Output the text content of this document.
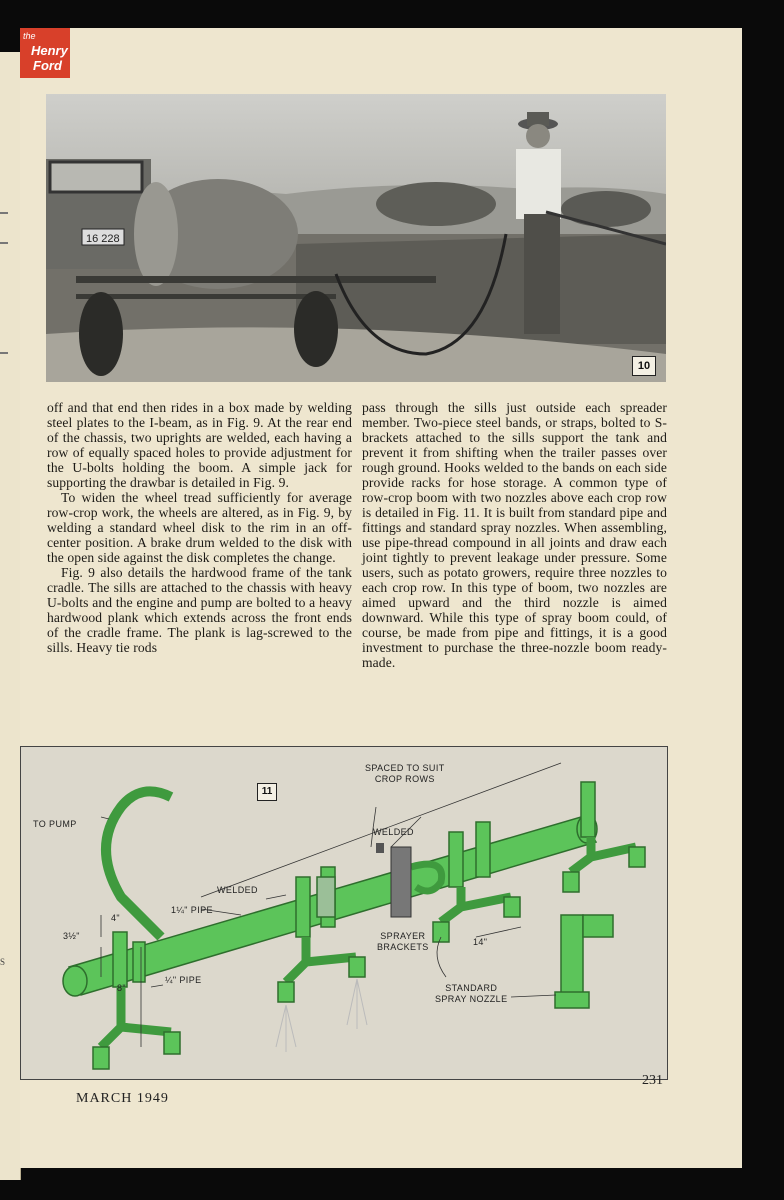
S
the
Henry
Ford
16 228
10

off and that end then rides in a box made by welding steel plates to the I-beam, as in Fig. 9. At the rear end of the chassis, two uprights are welded, each having a row of equally spaced holes to provide adjustment for the U-bolts holding the boom. A simple jack for supporting the drawbar is detailed in Fig. 9.

To widen the wheel tread sufficiently for average row-crop work, the wheels are altered, as in Fig. 9, by welding a standard wheel disk to the rim in an off-center position. A brake drum welded to the disk with the open side against the disk completes the change.

Fig. 9 also details the hardwood frame of the tank cradle. The sills are attached to the chassis with heavy U-bolts and the engine and pump are bolted to a heavy hardwood plank which extends across the front ends of the cradle frame. The plank is lag-screwed to the sills. Heavy tie rods

pass through the sills just outside each spreader member. Two-piece steel bands, or straps, bolted to S-brackets attached to the sills support the tank and prevent it from shifting when the trailer passes over rough ground. Hooks welded to the bands on each side provide racks for hose storage. A common type of row-crop boom with two nozzles above each crop row is detailed in Fig. 11. It is built from standard pipe and fittings and standard spray nozzles. When assembling, use pipe-thread compound in all joints and draw each joint tightly to prevent leakage under pressure. Some users, such as potato growers, require three nozzles to each crop row. In this type of boom, two nozzles are aimed upward and the third nozzle is aimed downward. While this type of spray boom could, of course, be made from pipe and fittings, it is a good investment to purchase the three-nozzle boom ready-made.

11
SPACED TO SUIT
CROP ROWS
TO PUMP
WELDED
WELDED
1¼" PIPE
4"
3½"
8"
¼" PIPE
SPRAYER
BRACKETS	14"
STANDARD
SPRAY NOZZLE
MARCH 1949
231
